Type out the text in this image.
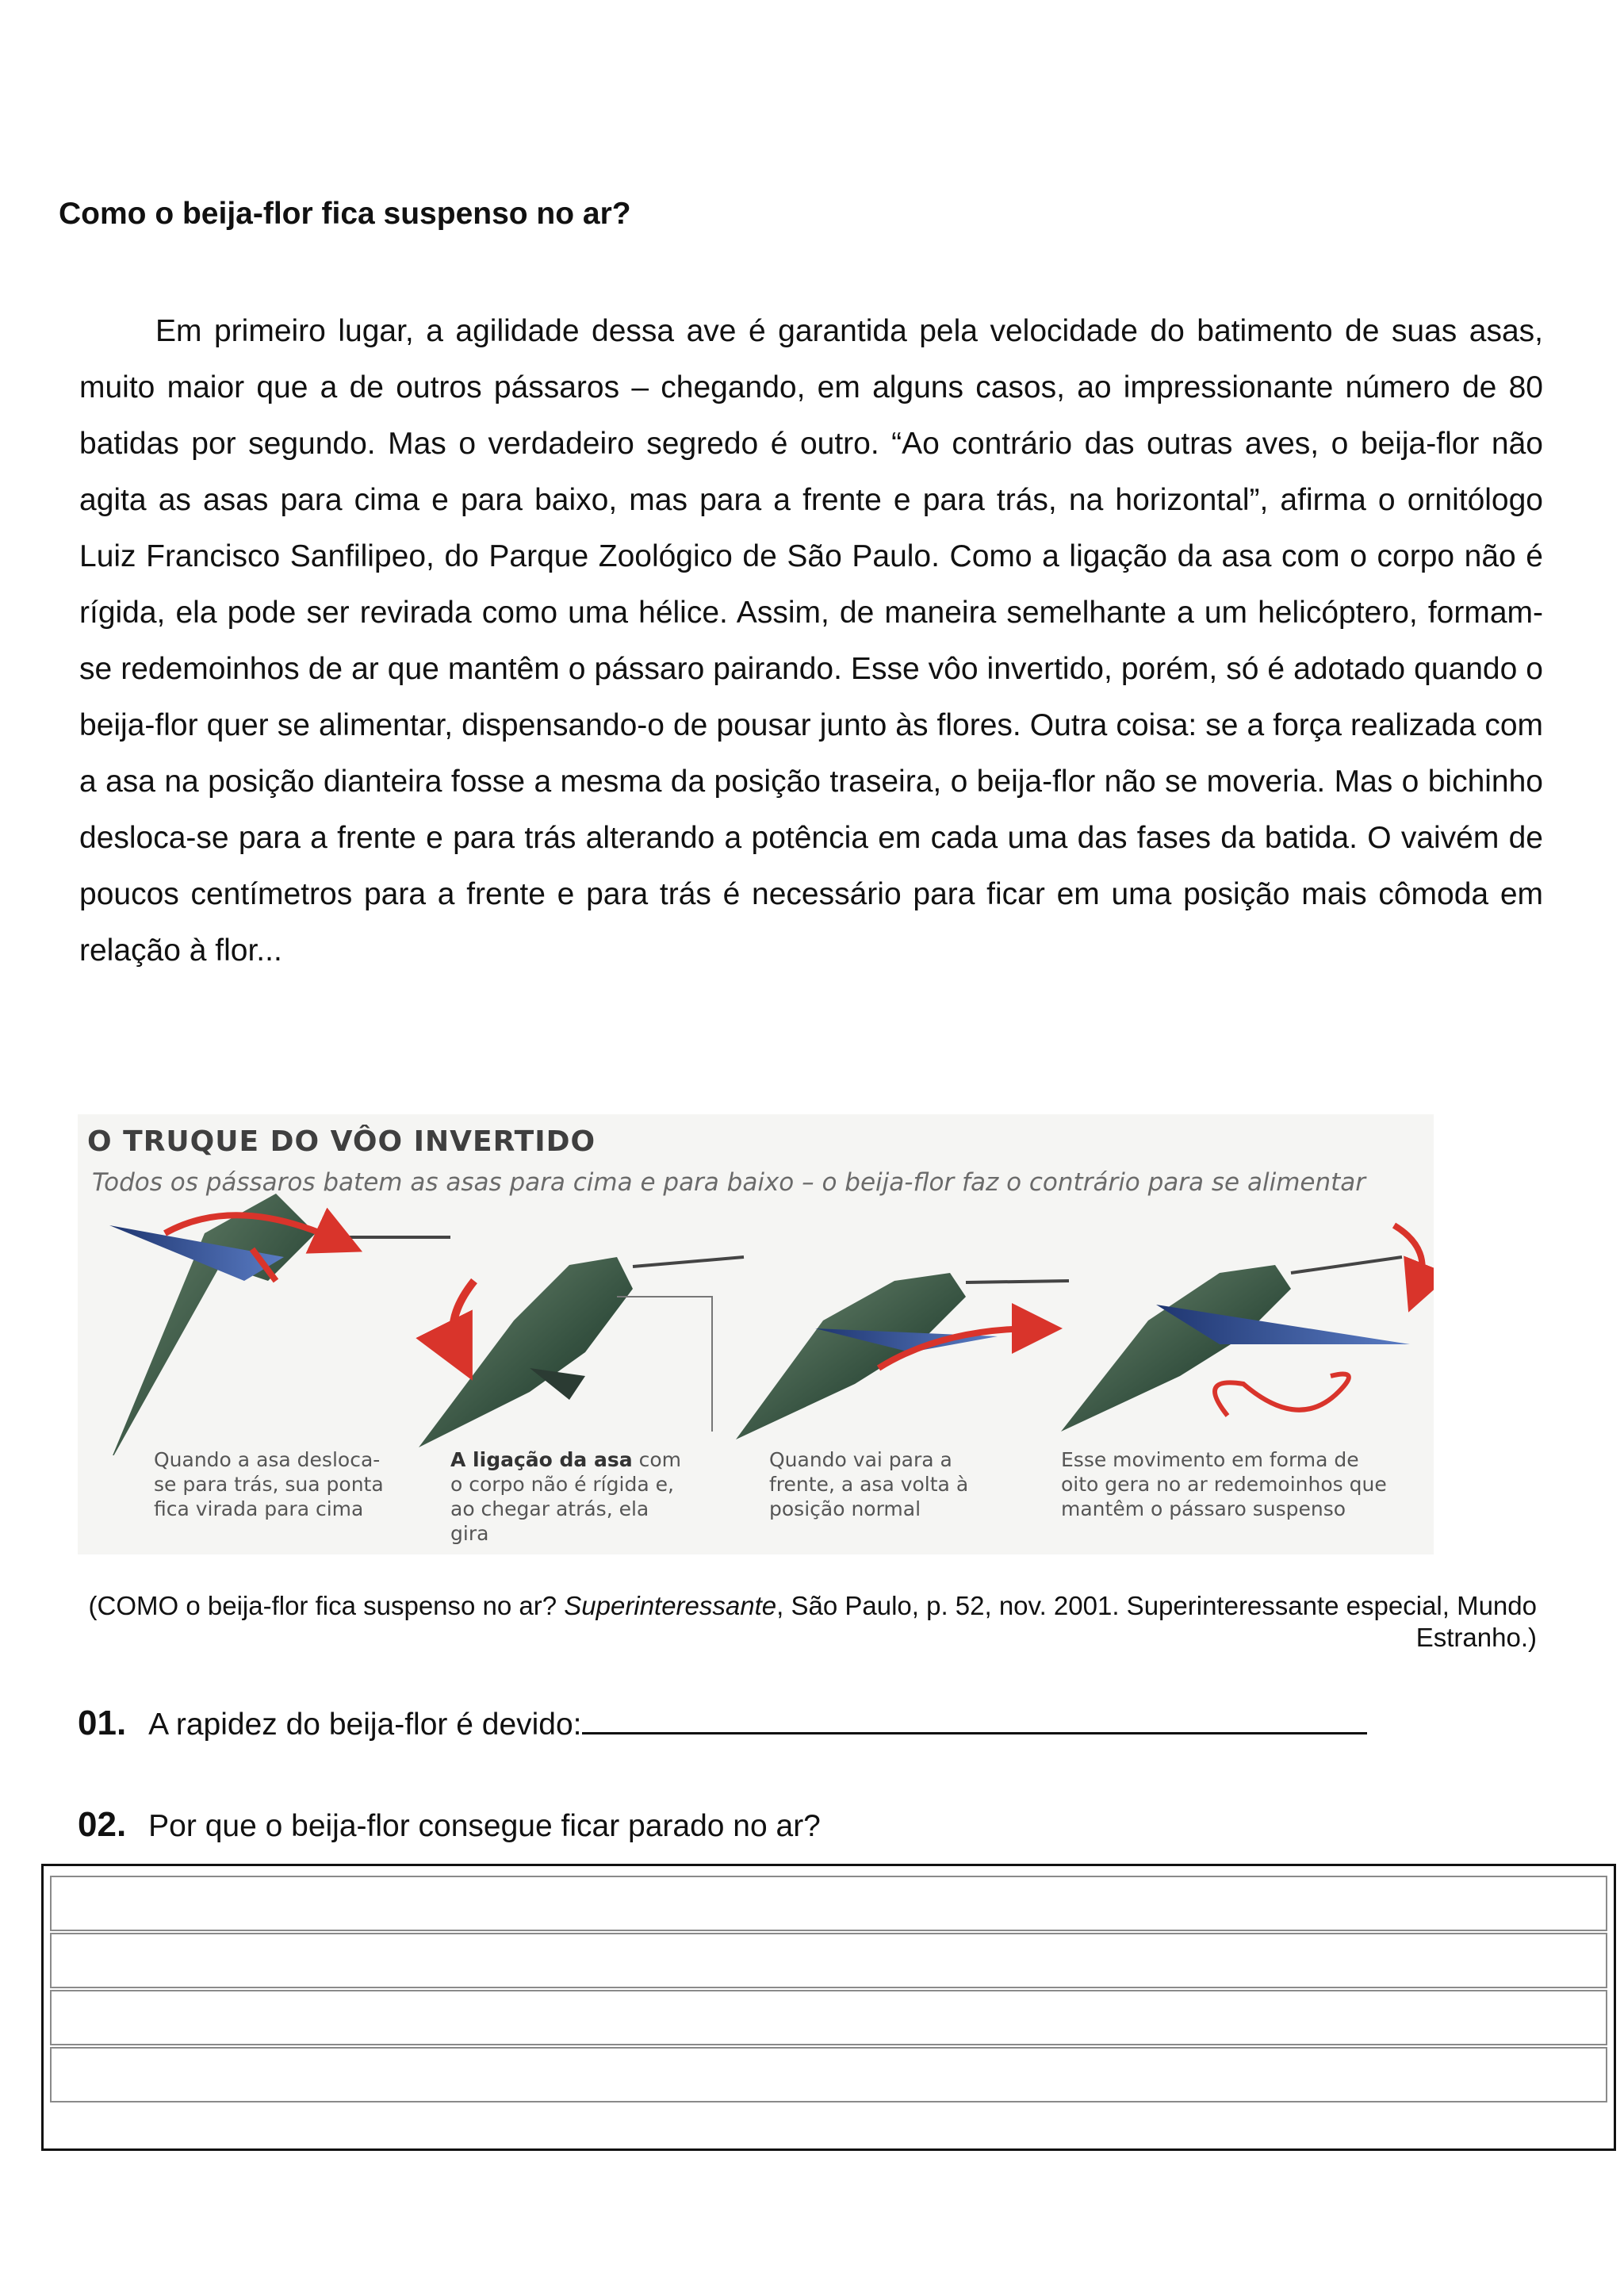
Como o beija-flor fica suspenso no ar?

Em primeiro lugar, a agilidade dessa ave é garantida pela velocidade do batimento de suas asas, muito maior que a de outros pássaros – chegando, em alguns casos, ao impressionante número de 80 batidas por segundo. Mas o verdadeiro segredo é outro. “Ao contrário das outras aves, o beija-flor não agita as asas para cima e para baixo, mas para a frente e para trás, na horizontal”, afirma o ornitólogo Luiz Francisco Sanfilipeo, do Parque Zoológico de São Paulo. Como a ligação da asa com o corpo não é rígida, ela pode ser revirada como uma hélice. Assim, de maneira semelhante a um helicóptero, formam-se redemoinhos de ar que mantêm o pássaro pairando. Esse vôo invertido, porém, só é adotado quando o beija-flor quer se alimentar, dispensando-o de pousar junto às flores. Outra coisa: se a força realizada com a asa na posição dianteira fosse a mesma da posição traseira, o beija-flor não se moveria. Mas o bichinho desloca-se para a frente e para trás alterando a potência em cada uma das fases da batida. O vaivém de poucos centímetros para a frente e para trás é necessário para ficar em uma posição mais cômoda em relação à flor...

O TRUQUE DO VÔO INVERTIDO
Todos os pássaros batem as asas para cima e para baixo – o beija-flor faz o contrário para se alimentar
Quando a asa desloca-se para trás, sua ponta fica virada para cima
A ligação da asa com o corpo não é rígida e, ao chegar atrás, ela gira
Quando vai para a frente, a asa volta à posição normal
Esse movimento em forma de oito gera no ar redemoinhos que mantêm o pássaro suspenso
(COMO o beija-flor fica suspenso no ar? Superinteressante, São Paulo, p. 52, nov. 2001. Superinteressante especial, Mundo Estranho.)
01. A rapidez do beija-flor é devido:
02. Por que o beija-flor consegue ficar parado no ar?
